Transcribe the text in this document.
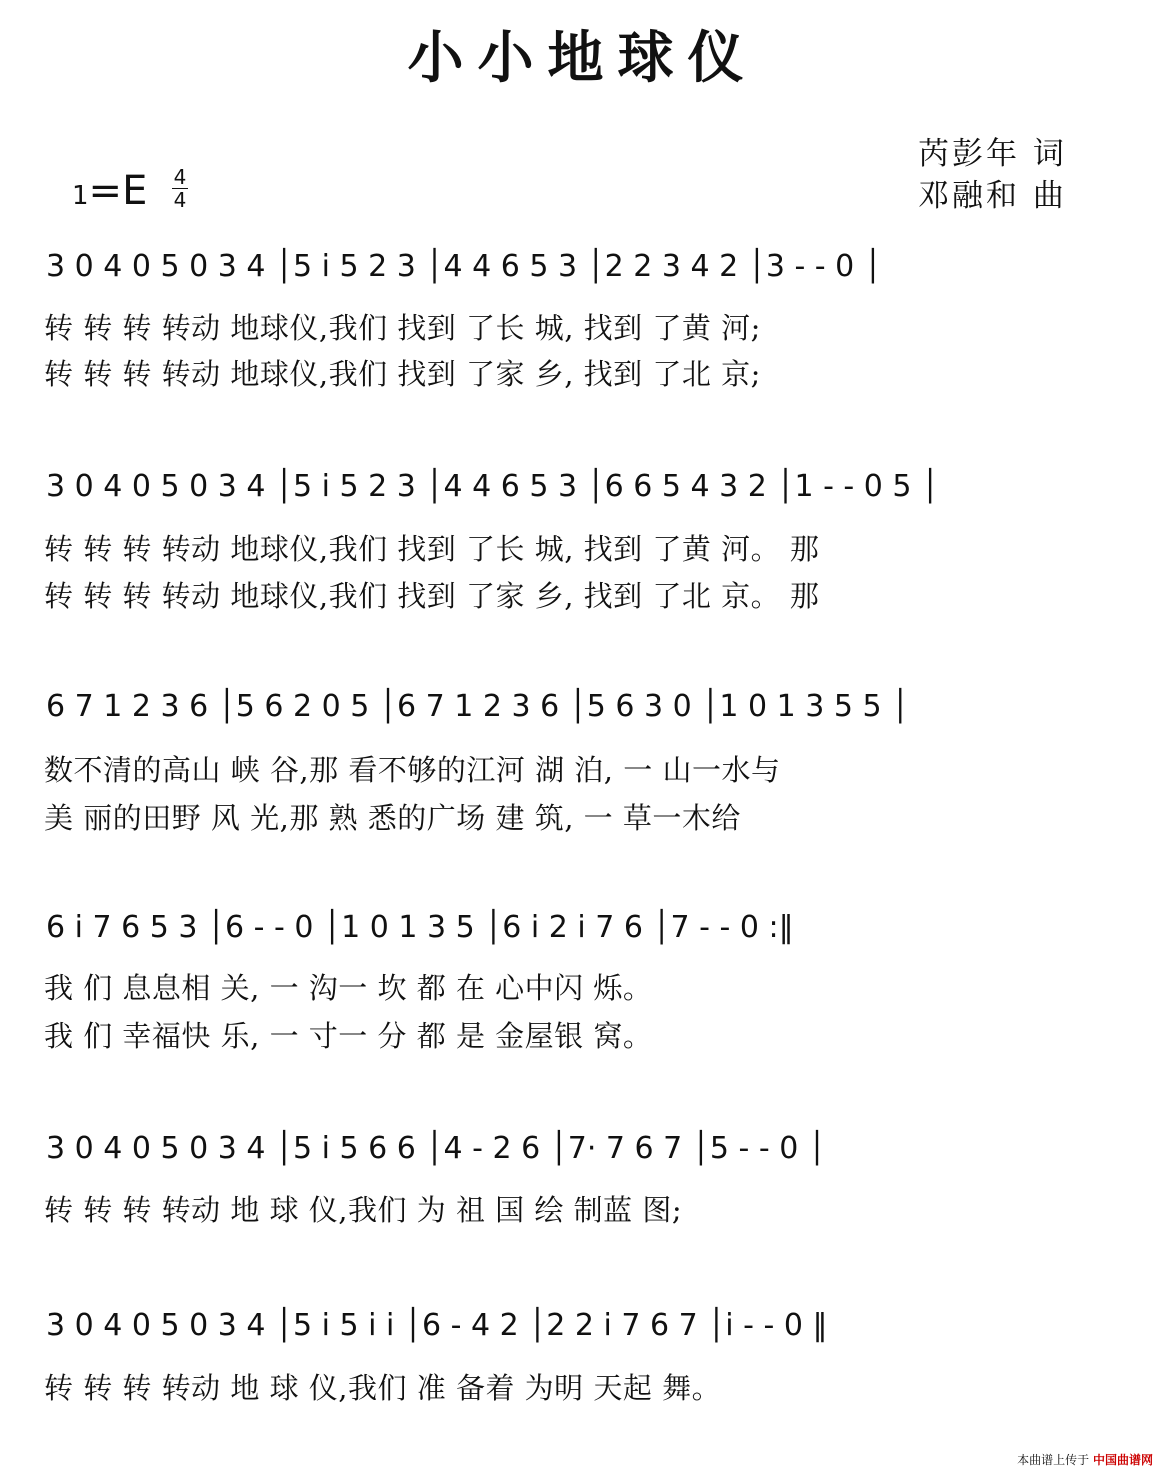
小小地球仪
芮彭年 词
邓融和 曲
$1=E \frac{4}{4}$
3 0 4 0 5 0 3 4 │5 i 5 2 3 │4 4 6 5 3 │2 2 3 4 2 │3 - - 0 │
转 转 转 转动 地球仪,我们 找到 了长 城, 找到 了黄 河;
转 转 转 转动 地球仪,我们 找到 了家 乡, 找到 了北 京;
3 0 4 0 5 0 3 4 │5 i 5 2 3 │4 4 6 5 3 │6 6 5 4 3 2 │1 - - 0 5 │
转 转 转 转动 地球仪,我们 找到 了长 城, 找到 了黄 河。 那
转 转 转 转动 地球仪,我们 找到 了家 乡, 找到 了北 京。 那
6 7 1 2 3 6 │5 6 2 0 5 │6 7 1 2 3 6 │5 6 3 0 │1 0 1 3 5 5 │
数不清的高山 峡 谷,那 看不够的江河 湖 泊, 一 山一水与
美 丽的田野 风 光,那 熟 悉的广场 建 筑, 一 草一木给
6 i 7 6 5 3 │6 - - 0 │1 0 1 3 5 │6 i 2 i 7 6 │7 - - 0 :‖
我 们 息息相 关, 一 沟一 坎 都 在 心中闪 烁。
我 们 幸福快 乐, 一 寸一 分 都 是 金屋银 窝。
3 0 4 0 5 0 3 4 │5 i 5 6 6 │4 - 2 6 │7· 7 6 7 │5 - - 0 │
转 转 转 转动 地 球 仪,我们 为 祖 国 绘 制蓝 图;
3 0 4 0 5 0 3 4 │5 i 5 i i │6 - 4 2 │2 2 i 7 6 7 │i - - 0 ‖
转 转 转 转动 地 球 仪,我们 准 备着 为明 天起 舞。
本曲谱上传于 中国曲谱网
